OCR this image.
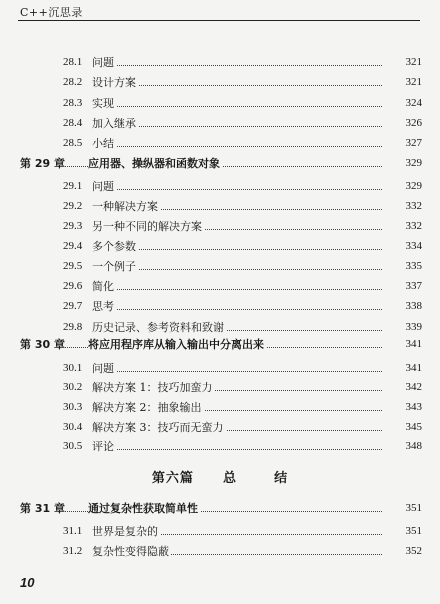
C++沉思录
28.1 问题	321
28.2 设计方案	321
28.3 实现	324
28.4 加入继承	326
28.5 小结	327
第 29 章 应用器、操纵器和函数对象	329
29.1 问题	329
29.2 一种解决方案	332
29.3 另一种不同的解决方案	332
29.4 多个参数	334
29.5 一个例子	335
29.6 简化	337
29.7 思考	338
29.8 历史记录、参考资料和致谢	339
第 30 章 将应用程序库从输入输出中分离出来	341
30.1 问题	341
30.2 解决方案 1：技巧加蛮力	342
30.3 解决方案 2：抽象输出	343
30.4 解决方案 3：技巧而无蛮力	345
30.5 评论	348
第 31 章 通过复杂性获取简单性	351
31.1 世界是复杂的	351
31.2 复杂性变得隐蔽	352
第六篇 总	结
10
